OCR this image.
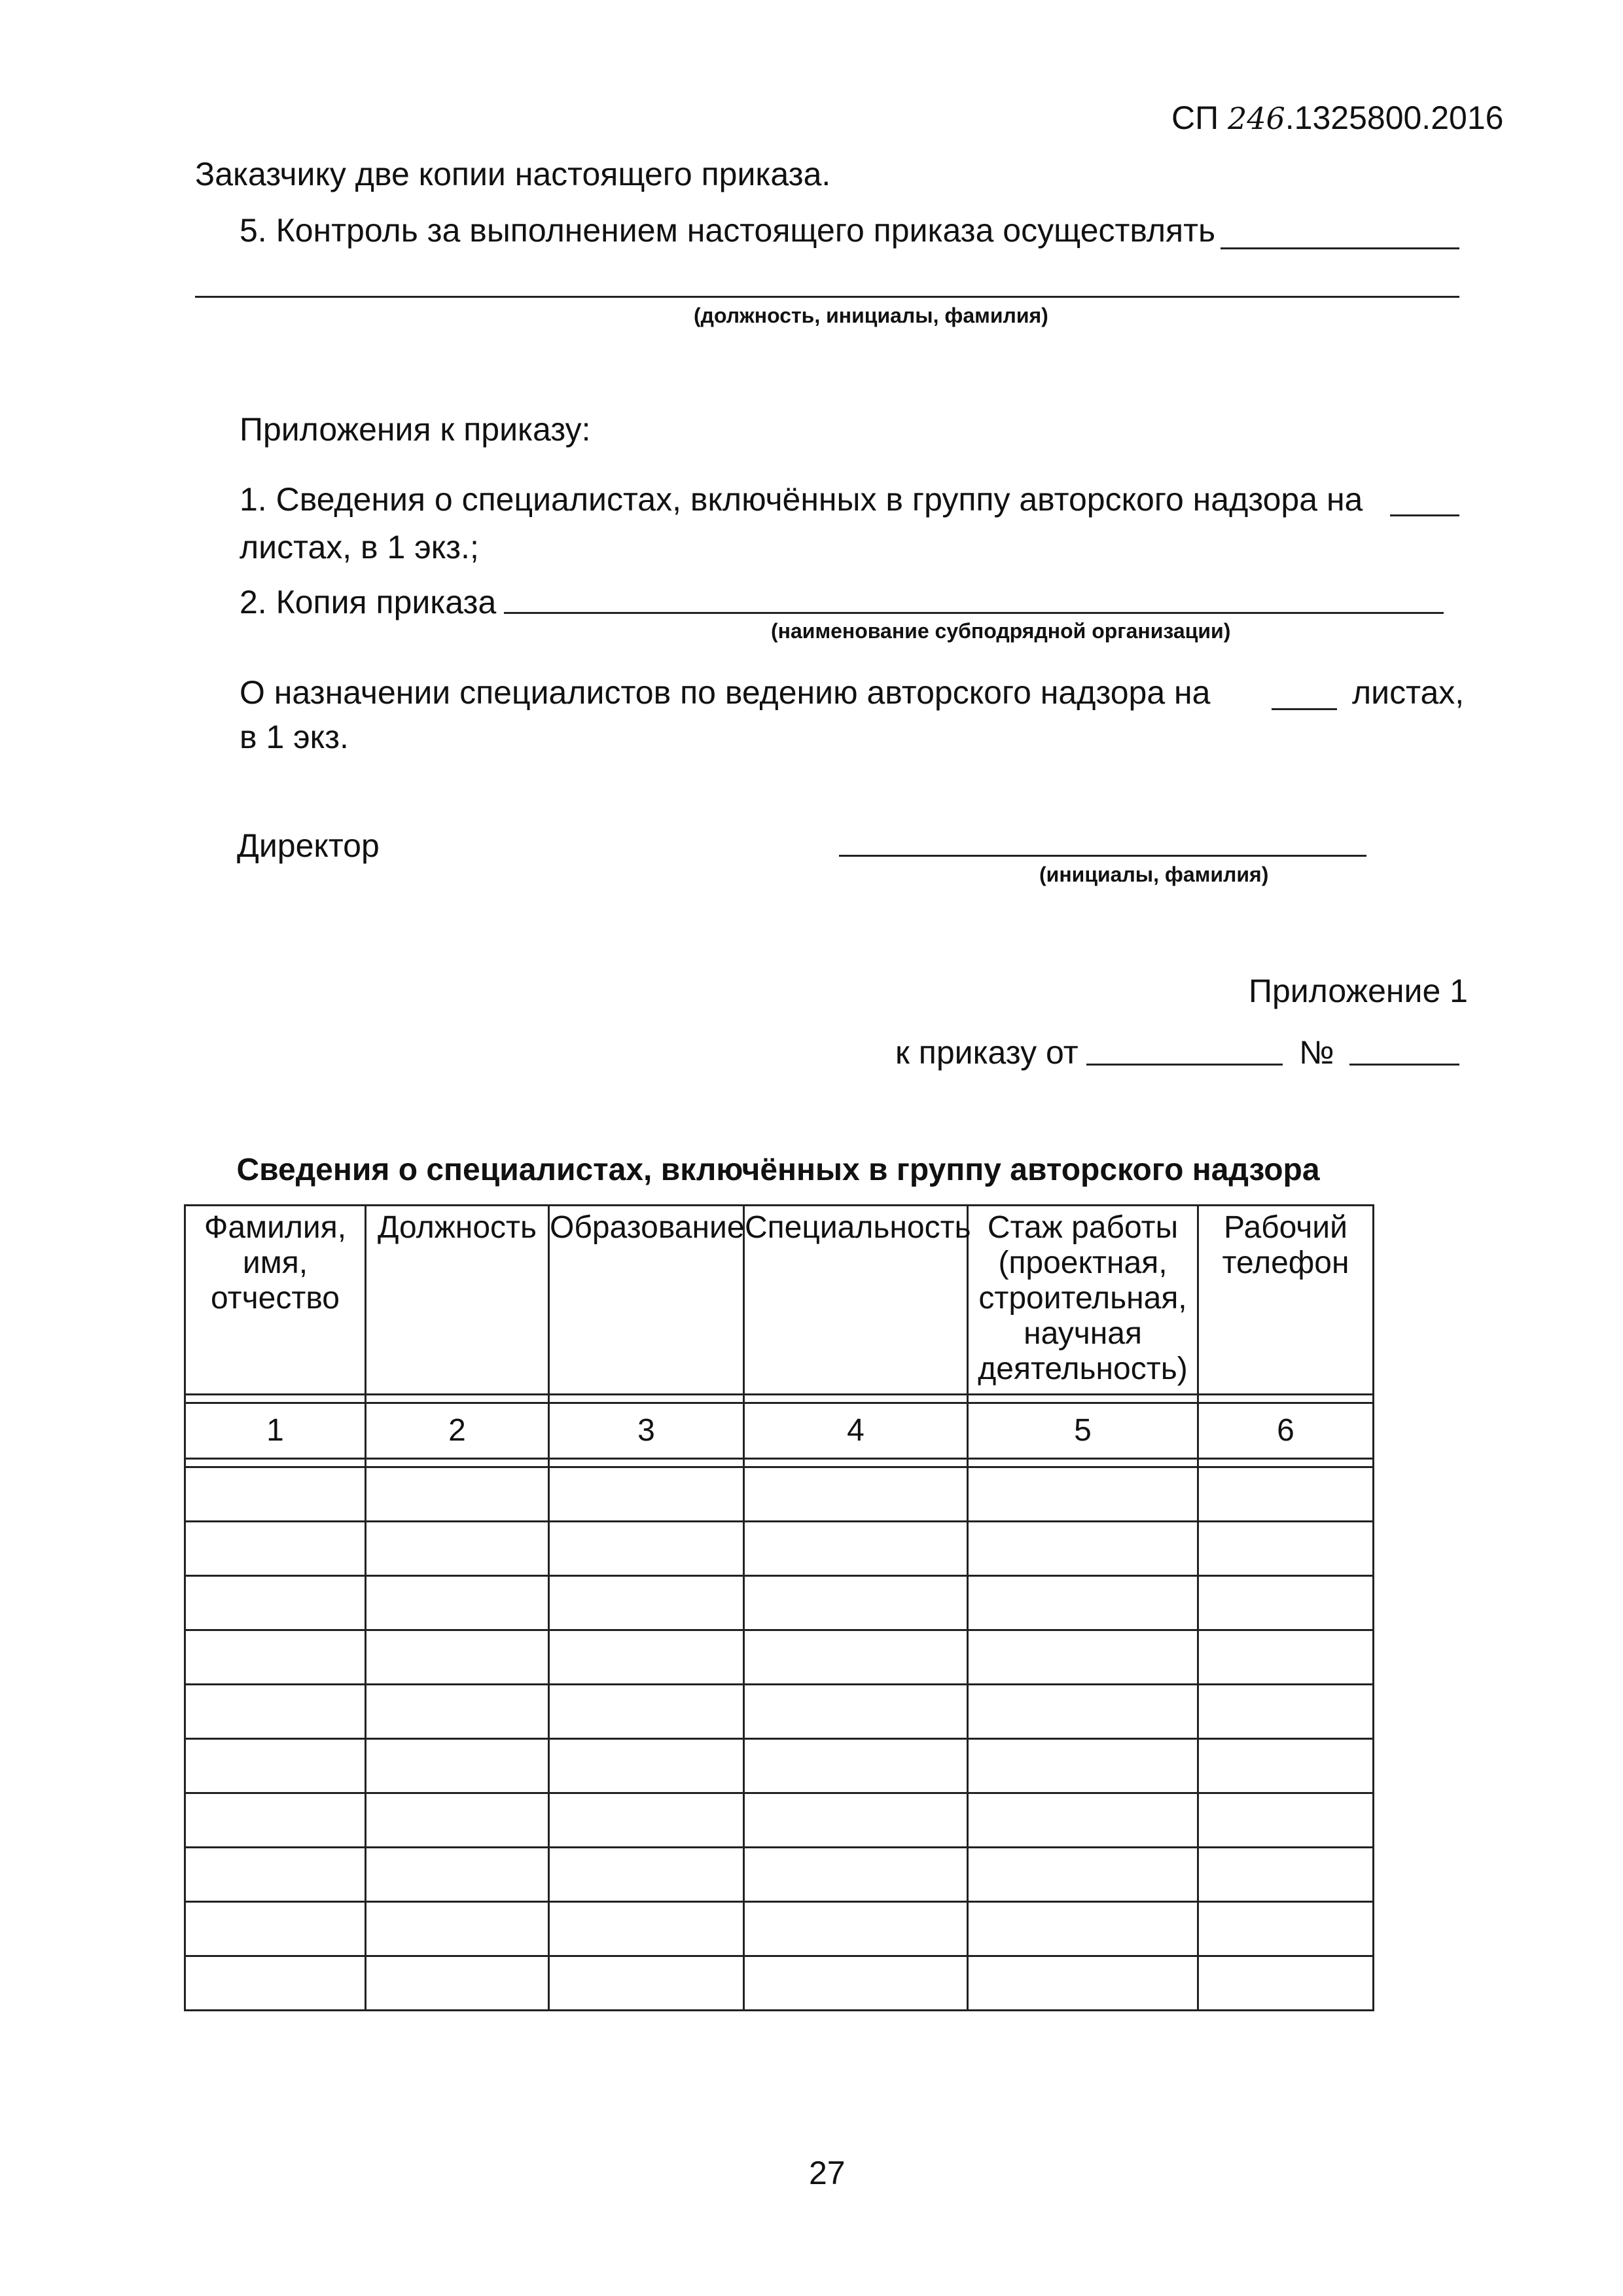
СП 246.1325800.2016
Заказчику две копии настоящего приказа.
5. Контроль за выполнением настоящего приказа осуществлять
(должность, инициалы, фамилия)
Приложения к приказу:
1. Сведения о специалистах, включённых в группу авторского надзора на
листах, в 1 экз.;
2. Копия приказа
(наименование субподрядной организации)
О назначении специалистов по ведению авторского надзора на	листах,
в 1 экз.
Директор
(инициалы, фамилия)
Приложение 1
к приказу от	№
Сведения о специалистах, включённых в группу авторского надзора
Фамилия, имя, отчество	Должность	Образование	Специальность	Стаж работы (проектная, строительная, научная деятельность)	Рабочий телефон

1	2	3	4	5	6

27
